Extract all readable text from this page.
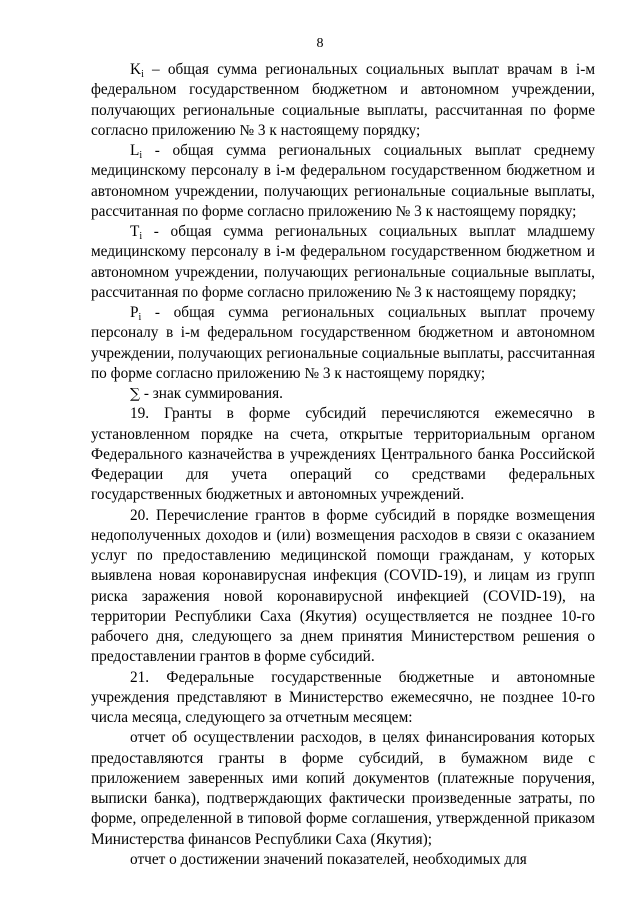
8

$K_i$ – общая сумма региональных социальных выплат врачам в i-м федеральном государственном бюджетном и автономном учреждении, получающих региональные социальные выплаты, рассчитанная по форме согласно приложению № 3 к настоящему порядку;

$L_i$ - общая сумма региональных социальных выплат среднему медицинскому персоналу в i-м федеральном государственном бюджетном и автономном учреждении, получающих региональные социальные выплаты, рассчитанная по форме согласно приложению № 3 к настоящему порядку;

$T_i$ - общая сумма региональных социальных выплат младшему медицинскому персоналу в i-м федеральном государственном бюджетном и автономном учреждении, получающих региональные социальные выплаты, рассчитанная по форме согласно приложению № 3 к настоящему порядку;

$P_i$ - общая сумма региональных социальных выплат прочему персоналу в i-м федеральном государственном бюджетном и автономном учреждении, получающих региональные социальные выплаты, рассчитанная по форме согласно приложению № 3 к настоящему порядку;

∑ - знак суммирования.

19. Гранты в форме субсидий перечисляются ежемесячно в установленном порядке на счета, открытые территориальным органом Федерального казначейства в учреждениях Центрального банка Российской Федерации для учета операций со средствами федеральных государственных бюджетных и автономных учреждений.

20. Перечисление грантов в форме субсидий в порядке возмещения недополученных доходов и (или) возмещения расходов в связи с оказанием услуг по предоставлению медицинской помощи гражданам, у которых выявлена новая коронавирусная инфекция (COVID-19), и лицам из групп риска заражения новой коронавирусной инфекцией (COVID-19), на территории Республики Саха (Якутия) осуществляется не позднее 10-го рабочего дня, следующего за днем принятия Министерством решения о предоставлении грантов в форме субсидий.

21. Федеральные государственные бюджетные и автономные учреждения представляют в Министерство ежемесячно, не позднее 10-го числа месяца, следующего за отчетным месяцем:

отчет об осуществлении расходов, в целях финансирования которых предоставляются гранты в форме субсидий, в бумажном виде с приложением заверенных ими копий документов (платежные поручения, выписки банка), подтверждающих фактически произведенные затраты, по форме, определенной в типовой форме соглашения, утвержденной приказом Министерства финансов Республики Саха (Якутия);

отчет о достижении значений показателей, необходимых для
